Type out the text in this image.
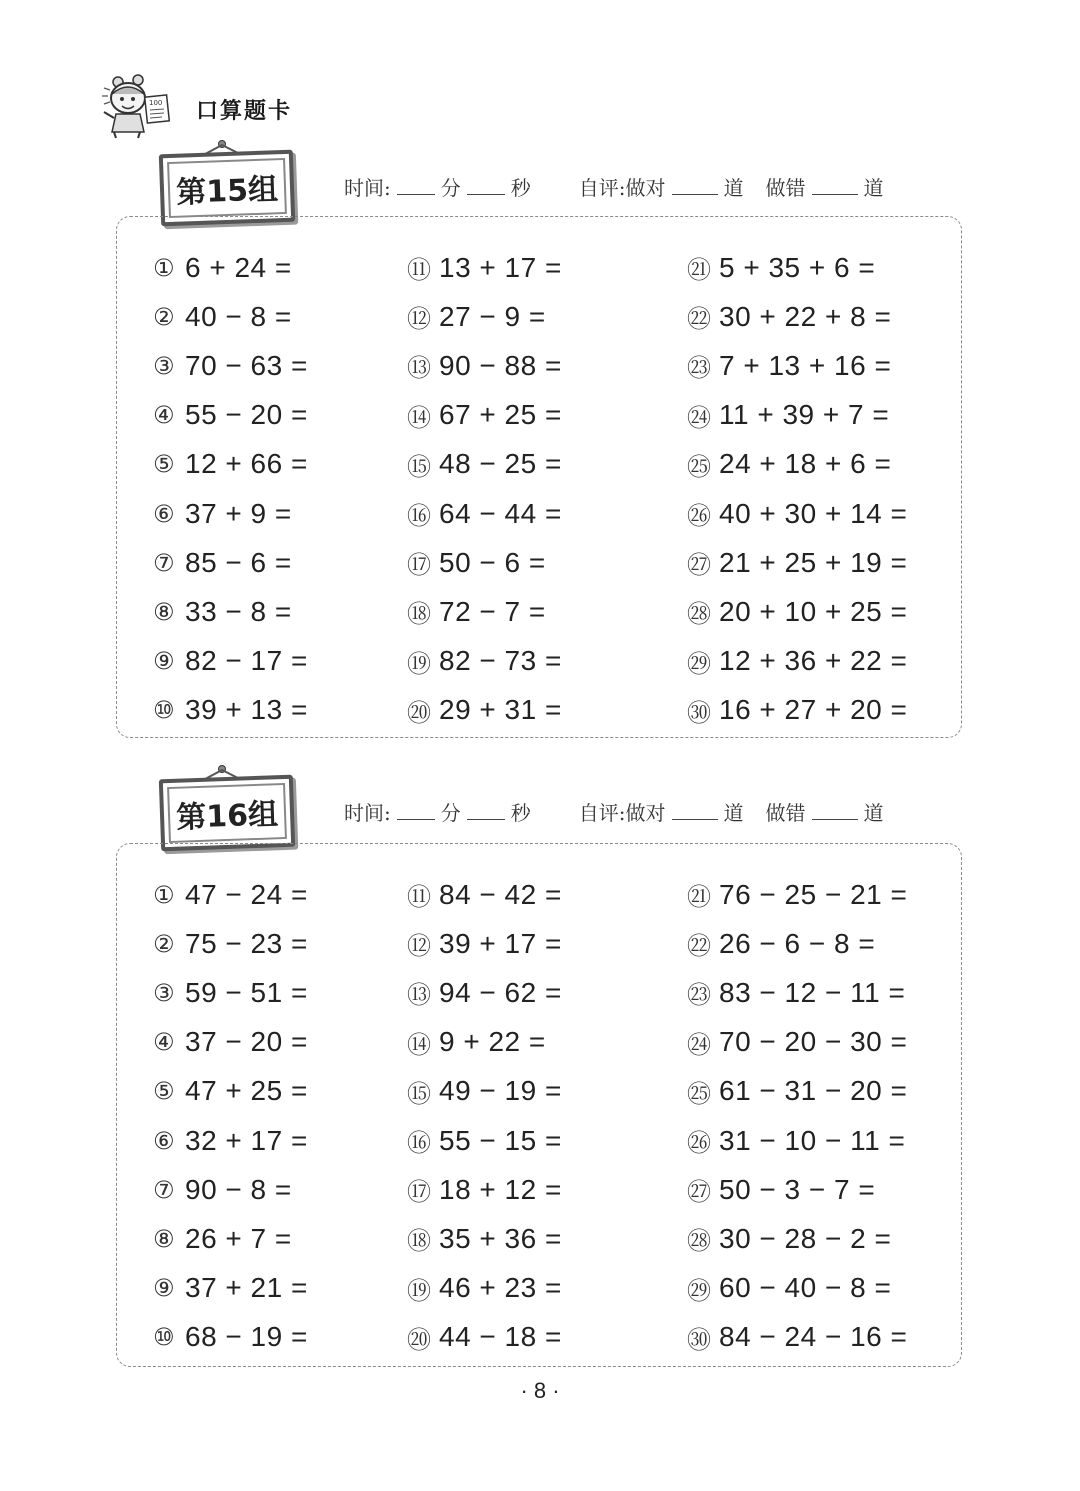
100 口算题卡
第15组	时间:	分	秒 自评:做对	道 做错	道
① 6 + 24 =
② 40 − 8 =
③ 70 − 63 =
④ 55 − 20 =
⑤ 12 + 66 =
⑥ 37 + 9 =
⑦ 85 − 6 =
⑧ 33 − 8 =
⑨ 82 − 17 =
⑩ 39 + 13 =
⑪ 13 + 17 =
⑫ 27 − 9 =
⑬ 90 − 88 =
⑭ 67 + 25 =
⑮ 48 − 25 =
⑯ 64 − 44 =
⑰ 50 − 6 =
⑱ 72 − 7 =
⑲ 82 − 73 =
⑳ 29 + 31 =
㉑ 5 + 35 + 6 =
㉒ 30 + 22 + 8 =
㉓ 7 + 13 + 16 =
㉔ 11 + 39 + 7 =
㉕ 24 + 18 + 6 =
㉖ 40 + 30 + 14 =
㉗ 21 + 25 + 19 =
㉘ 20 + 10 + 25 =
㉙ 12 + 36 + 22 =
㉚ 16 + 27 + 20 =
第16组	时间:	分	秒 自评:做对	道 做错	道
① 47 − 24 =
② 75 − 23 =
③ 59 − 51 =
④ 37 − 20 =
⑤ 47 + 25 =
⑥ 32 + 17 =
⑦ 90 − 8 =
⑧ 26 + 7 =
⑨ 37 + 21 =
⑩ 68 − 19 =
⑪ 84 − 42 =
⑫ 39 + 17 =
⑬ 94 − 62 =
⑭ 9 + 22 =
⑮ 49 − 19 =
⑯ 55 − 15 =
⑰ 18 + 12 =
⑱ 35 + 36 =
⑲ 46 + 23 =
⑳ 44 − 18 =
㉑ 76 − 25 − 21 =
㉒ 26 − 6 − 8 =
㉓ 83 − 12 − 11 =
㉔ 70 − 20 − 30 =
㉕ 61 − 31 − 20 =
㉖ 31 − 10 − 11 =
㉗ 50 − 3 − 7 =
㉘ 30 − 28 − 2 =
㉙ 60 − 40 − 8 =
㉚ 84 − 24 − 16 =
· 8 ·
